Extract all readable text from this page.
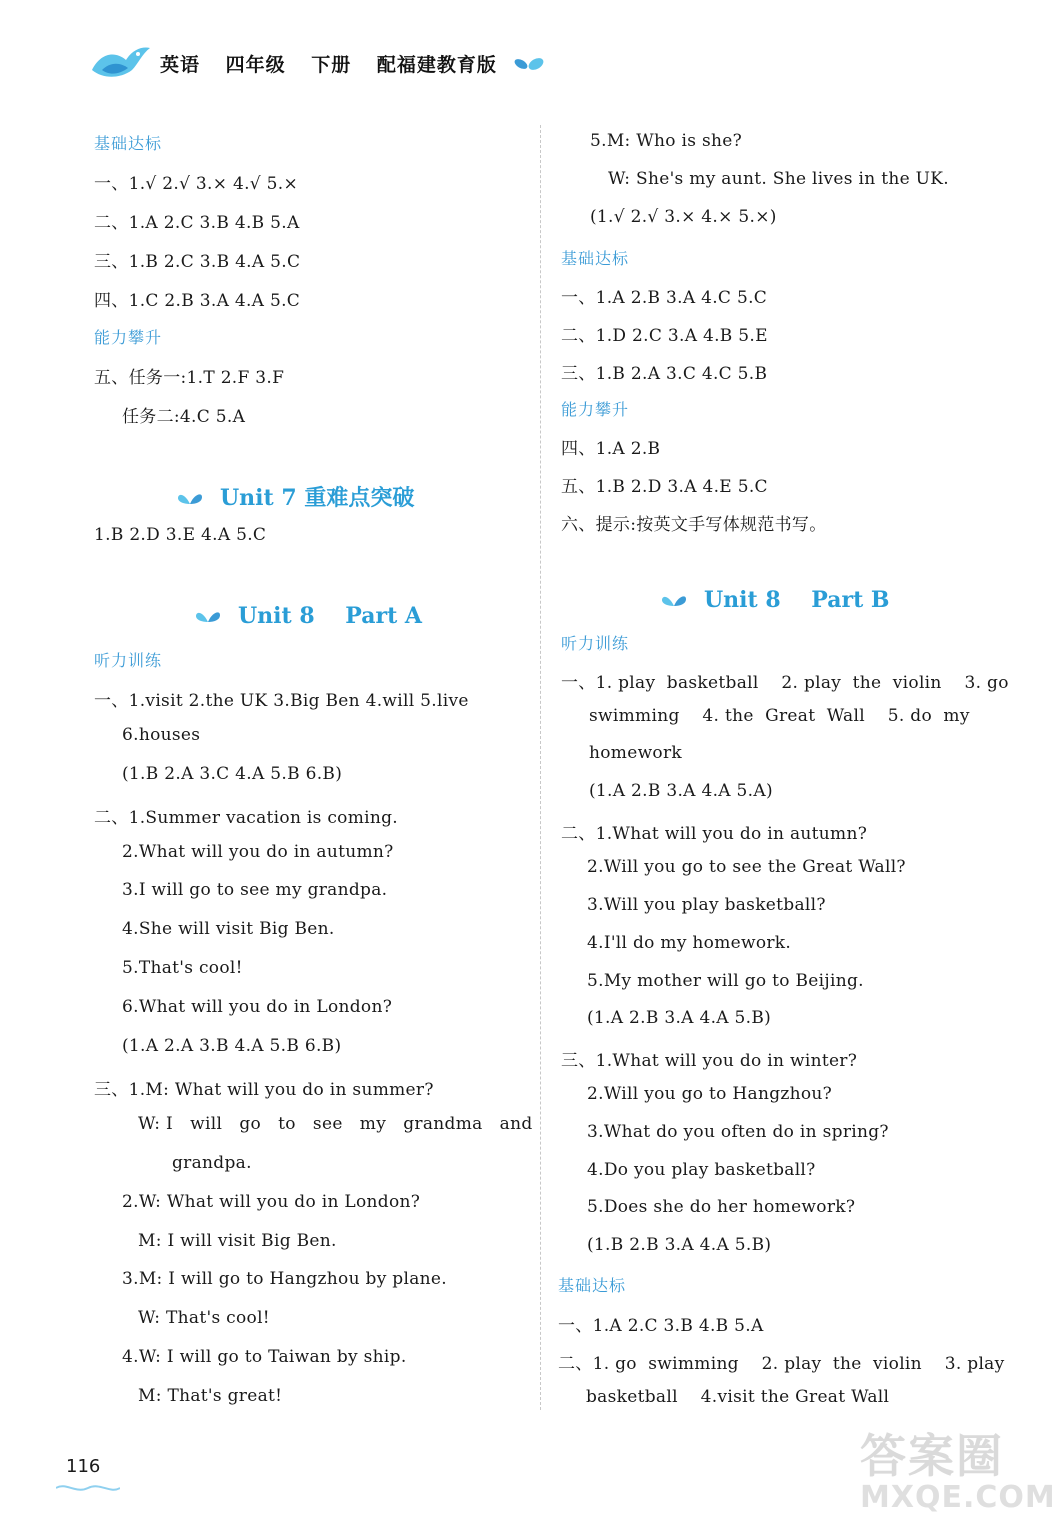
英语 四年级 下册 配福建教育版
基础达标
一、1.√ 2.√ 3.× 4.√ 5.×
二、1.A 2.C 3.B 4.B 5.A
三、1.B 2.C 3.B 4.A 5.C
四、1.C 2.B 3.A 4.A 5.C
能力攀升
五、任务一:1.T 2.F 3.F
任务二:4.C 5.A
Unit 7 重难点突破
1.B 2.D 3.E 4.A 5.C
Unit 8    Part A
听力训练
一、1.visit 2.the UK 3.Big Ben 4.will 5.live
6.houses
(1.B 2.A 3.C 4.A 5.B 6.B)
二、1.Summer vacation is coming.
2.What will you do in autumn?
3.I will go to see my grandpa.
4.She will visit Big Ben.
5.That's cool!
6.What will you do in London?
(1.A 2.A 3.B 4.A 5.B 6.B)
三、1.M: What will you do in summer?
W: I   will   go   to   see   my   grandma   and
grandpa.
2.W: What will you do in London?
M: I will visit Big Ben.
3.M: I will go to Hangzhou by plane.
W: That's cool!
4.W: I will go to Taiwan by ship.
M: That's great!
5.M: Who is she?
W: She's my aunt. She lives in the UK.
(1.√ 2.√ 3.× 4.× 5.×)
基础达标
一、1.A 2.B 3.A 4.C 5.C
二、1.D 2.C 3.A 4.B 5.E
三、1.B 2.A 3.C 4.C 5.B
能力攀升
四、1.A 2.B
五、1.B 2.D 3.A 4.E 5.C
六、提示:按英文手写体规范书写。
Unit 8    Part B
听力训练
一、1. play  basketball    2. play  the  violin    3. go
swimming    4. the  Great  Wall    5. do  my
homework
(1.A 2.B 3.A 4.A 5.A)
二、1.What will you do in autumn?
2.Will you go to see the Great Wall?
3.Will you play basketball?
4.I'll do my homework.
5.My mother will go to Beijing.
(1.A 2.B 3.A 4.A 5.B)
三、1.What will you do in winter?
2.Will you go to Hangzhou?
3.What do you often do in spring?
4.Do you play basketball?
5.Does she do her homework?
(1.B 2.B 3.A 4.A 5.B)
基础达标
一、1.A 2.C 3.B 4.B 5.A
二、1. go  swimming    2. play  the  violin    3. play
basketball    4.visit the Great Wall
116	答案圈
MXQE.COM
